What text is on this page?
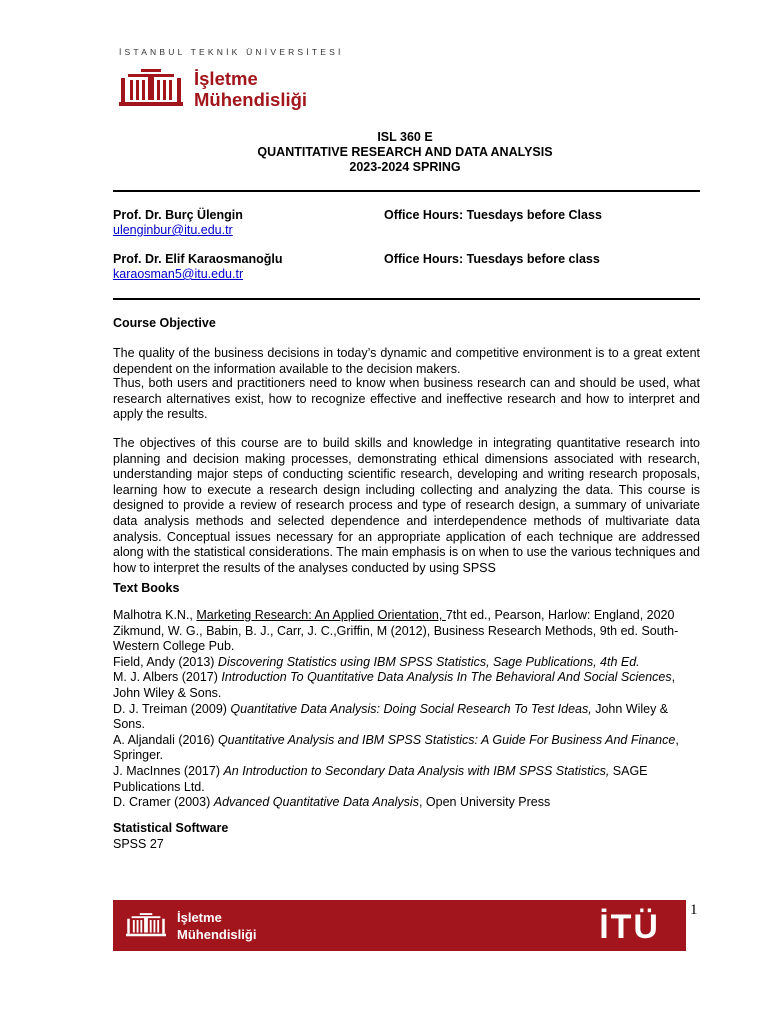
İSTANBUL TEKNİK ÜNİVERSİTESİ
İşletme
Mühendisliği
ISL 360 E
QUANTITATIVE RESEARCH AND DATA ANALYSIS
2023-2024 SPRING
Prof. Dr. Burç Ülengin	Office Hours: Tuesdays before Class
ulenginbur@itu.edu.tr
Prof. Dr. Elif Karaosmanoğlu	Office Hours: Tuesdays before class
karaosman5@itu.edu.tr
Course Objective

The quality of the business decisions in today’s dynamic and competitive environment is to a great extent dependent on the information available to the decision makers.

Thus, both users and practitioners need to know when business research can and should be used, what research alternatives exist, how to recognize effective and ineffective research and how to interpret and apply the results.

The objectives of this course are to build skills and knowledge in integrating quantitative research into planning and decision making processes, demonstrating ethical dimensions associated with research, understanding major steps of conducting scientific research, developing and writing research proposals, learning how to execute a research design including collecting and analyzing the data. This course is designed to provide a review of research process and type of research design, a summary of univariate data analysis methods and selected dependence and interdependence methods of multivariate data analysis. Conceptual issues necessary for an appropriate application of each technique are addressed along with the statistical considerations. The main emphasis is on when to use the various techniques and how to interpret the results of the analyses conducted by using SPSS

Text Books
Malhotra K.N., Marketing Research: An Applied Orientation, 7tht ed., Pearson, Harlow: England, 2020
Zikmund, W. G., Babin, B. J., Carr, J. C.,Griffin, M (2012), Business Research Methods, 9th ed. South-Western College Pub.
Field, Andy (2013) Discovering Statistics using IBM SPSS Statistics, Sage Publications, 4th Ed.
M. J. Albers (2017) Introduction To Quantitative Data Analysis In The Behavioral And Social Sciences, John Wiley & Sons.
D. J. Treiman (2009) Quantitative Data Analysis: Doing Social Research To Test Ideas, John Wiley & Sons.
A. Aljandali (2016) Quantitative Analysis and IBM SPSS Statistics: A Guide For Business And Finance, Springer.
J. MacInnes (2017) An Introduction to Secondary Data Analysis with IBM SPSS Statistics, SAGE Publications Ltd.
D. Cramer (2003) Advanced Quantitative Data Analysis, Open University Press
Statistical Software
SPSS 27
İşletme
Mühendisliği	İTÜ 1
